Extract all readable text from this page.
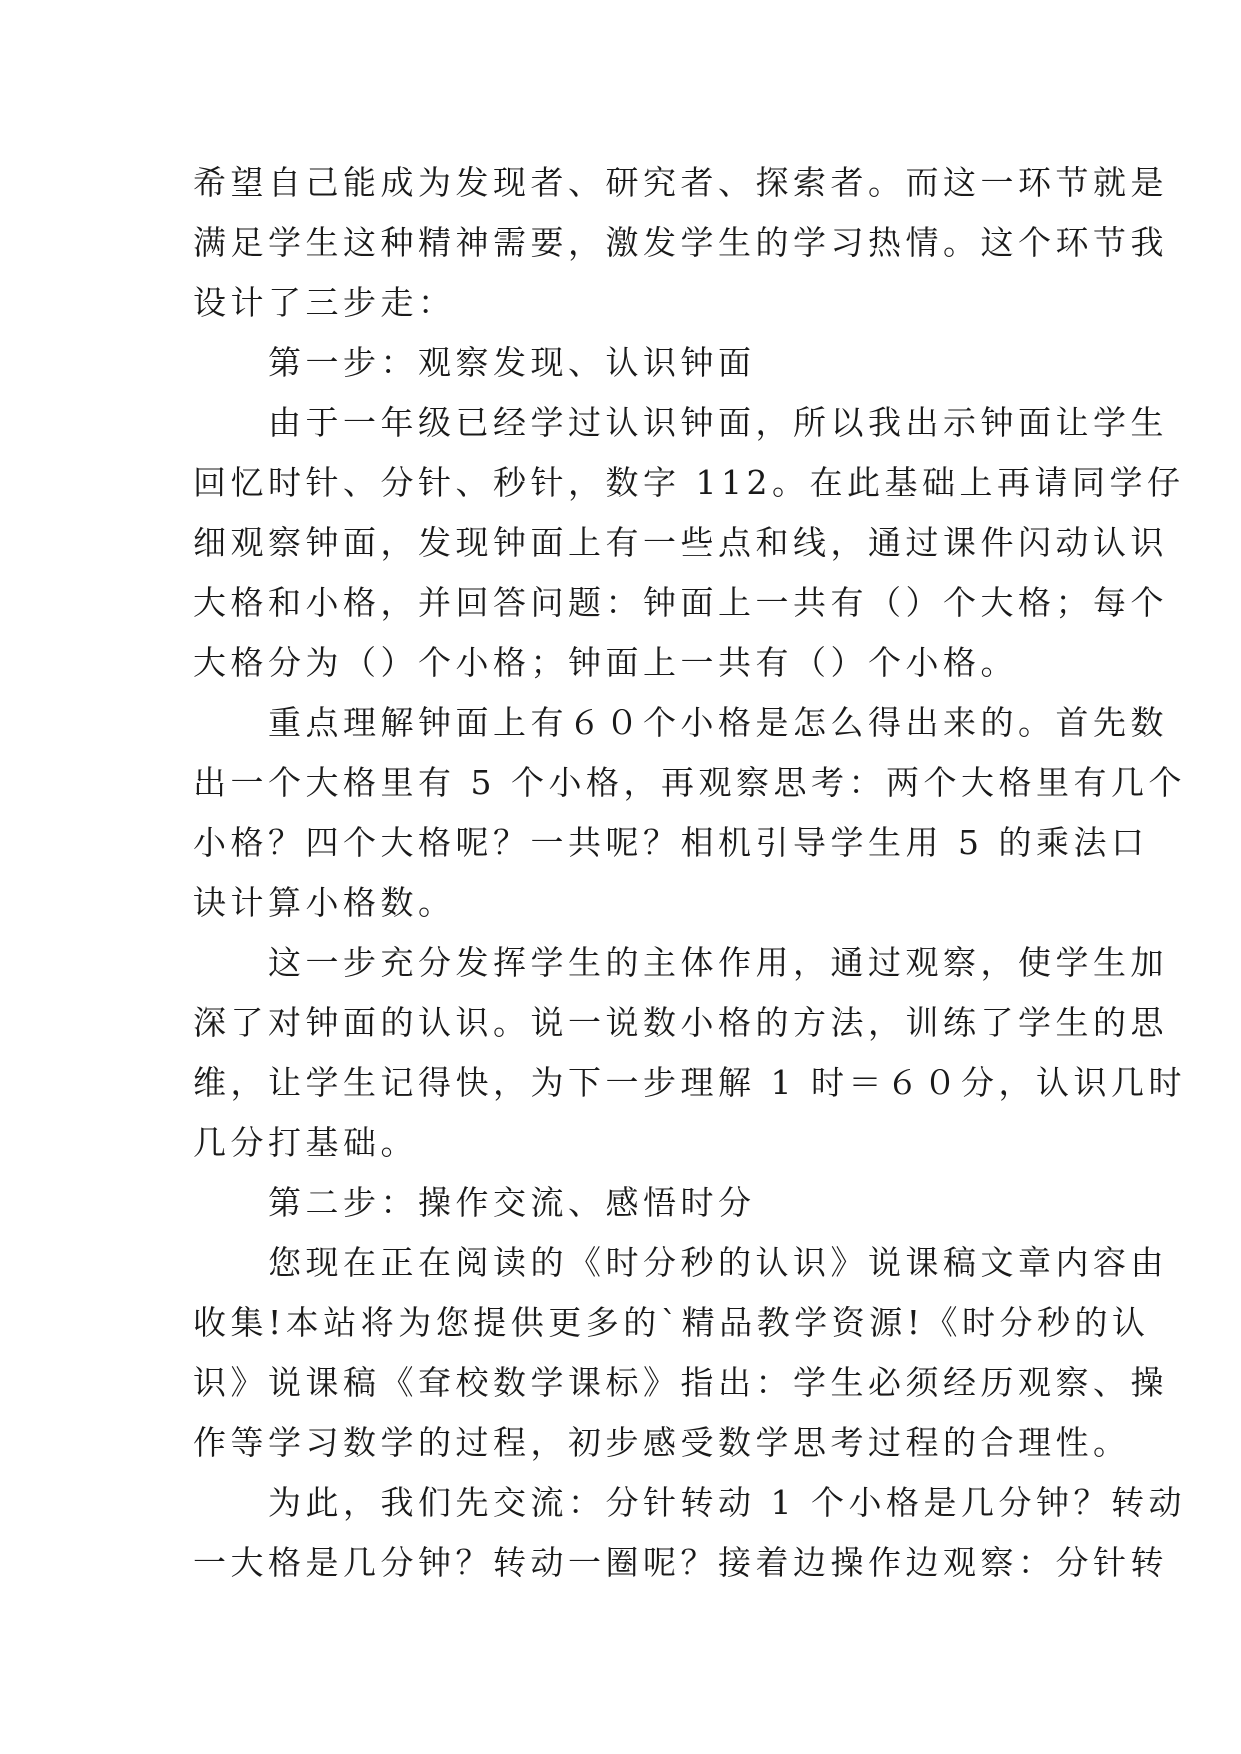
希望自己能成为发现者、研究者、探索者。而这一环节就是
满足学生这种精神需要，激发学生的学习热情。这个环节我
设计了三步走：
　　第一步：观察发现、认识钟面
　　由于一年级已经学过认识钟面，所以我出示钟面让学生
回忆时针、分针、秒针，数字 112。在此基础上再请同学仔
细观察钟面，发现钟面上有一些点和线，通过课件闪动认识
大格和小格，并回答问题：钟面上一共有（）个大格；每个
大格分为（）个小格；钟面上一共有（）个小格。
　　重点理解钟面上有６０个小格是怎么得出来的。首先数
出一个大格里有 5 个小格，再观察思考：两个大格里有几个
小格？四个大格呢？一共呢？相机引导学生用 5 的乘法口
诀计算小格数。
　　这一步充分发挥学生的主体作用，通过观察，使学生加
深了对钟面的认识。说一说数小格的方法，训练了学生的思
维，让学生记得快，为下一步理解 1 时＝６０分，认识几时
几分打基础。
　　第二步：操作交流、感悟时分
　　您现在正在阅读的《时分秒的认识》说课稿文章内容由
收集!本站将为您提供更多的`精品教学资源!《时分秒的认
识》说课稿《耷校数学课标》指出：学生必须经历观察、操
作等学习数学的过程，初步感受数学思考过程的合理性。
　　为此，我们先交流：分针转动 1 个小格是几分钟？转动
一大格是几分钟？转动一圈呢？接着边操作边观察：分针转
